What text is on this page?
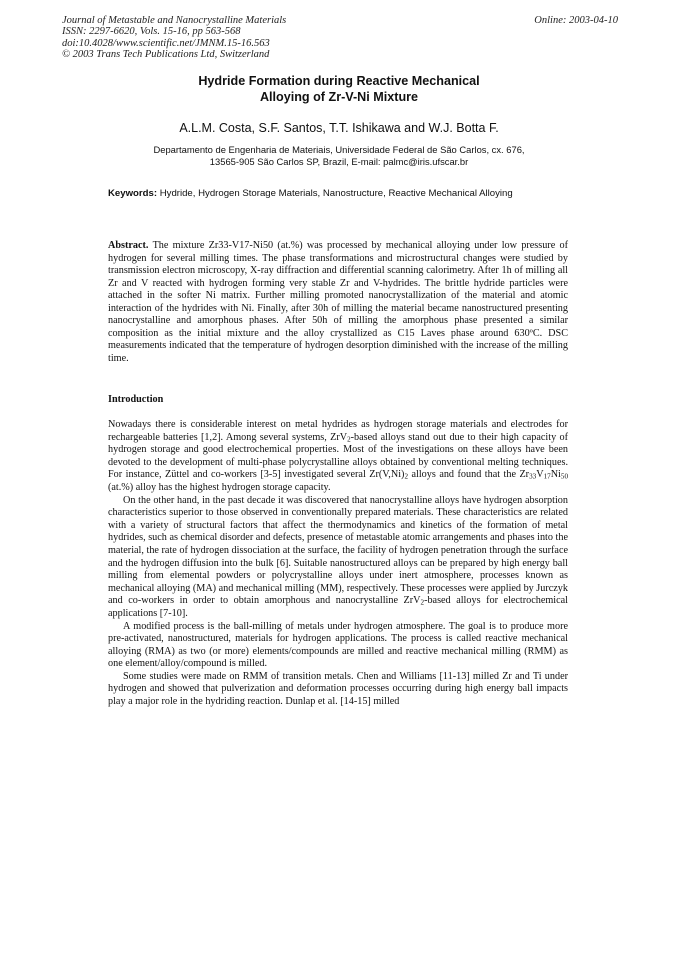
Journal of Metastable and Nanocrystalline Materials
ISSN: 2297-6620, Vols. 15-16, pp 563-568
doi:10.4028/www.scientific.net/JMNM.15-16.563
© 2003 Trans Tech Publications Ltd, Switzerland
Online: 2003-04-10
Hydride Formation during Reactive Mechanical
Alloying of Zr-V-Ni Mixture
A.L.M. Costa, S.F. Santos, T.T. Ishikawa and W.J. Botta F.
Departamento de Engenharia de Materiais, Universidade Federal de São Carlos, cx. 676,
13565-905 São Carlos SP, Brazil, E-mail: palmc@iris.ufscar.br
Keywords: Hydride, Hydrogen Storage Materials, Nanostructure, Reactive Mechanical Alloying
Abstract. The mixture Zr33-V17-Ni50 (at.%) was processed by mechanical alloying under low pressure of hydrogen for several milling times. The phase transformations and microstructural changes were studied by transmission electron microscopy, X-ray diffraction and differential scanning calorimetry. After 1h of milling all Zr and V reacted with hydrogen forming very stable Zr and V-hydrides. The brittle hydride particles were attached in the softer Ni matrix. Further milling promoted nanocrystallization of the material and atomic interaction of the hydrides with Ni. Finally, after 30h of milling the material became nanostructured presenting nanocrystalline and amorphous phases. After 50h of milling the amorphous phase presented a similar composition as the initial mixture and the alloy crystallized as C15 Laves phase around 630ºC. DSC measurements indicated that the temperature of hydrogen desorption diminished with the increase of the milling time.
Introduction

Nowadays there is considerable interest on metal hydrides as hydrogen storage materials and electrodes for rechargeable batteries [1,2]. Among several systems, ZrV$_2$-based alloys stand out due to their high capacity of hydrogen storage and good electrochemical properties. Most of the investigations on these alloys have been devoted to the development of multi-phase polycrystalline alloys obtained by conventional melting techniques. For instance, Züttel and co-workers [3-5] investigated several $Zr(V,Ni)_2$ alloys and found that the $Zr_{33}V_{17}Ni_{50}$ (at.%) alloy has the highest hydrogen storage capacity.

On the other hand, in the past decade it was discovered that nanocrystalline alloys have hydrogen absorption characteristics superior to those observed in conventionally prepared materials. These characteristics are related with a variety of structural factors that affect the thermodynamics and kinetics of the formation of metal hydrides, such as chemical disorder and defects, presence of metastable atomic arrangements and phases into the material, the rate of hydrogen dissociation at the surface, the facility of hydrogen penetration through the surface and the hydrogen diffusion into the bulk [6]. Suitable nanostructured alloys can be prepared by high energy ball milling from elemental powders or polycrystalline alloys under inert atmosphere, processes known as mechanical alloying (MA) and mechanical milling (MM), respectively. These processes were applied by Jurczyk and co-workers in order to obtain amorphous and nanocrystalline ZrV$_2$-based alloys for electrochemical applications [7-10].

A modified process is the ball-milling of metals under hydrogen atmosphere. The goal is to produce more pre-activated, nanostructured, materials for hydrogen applications. The process is called reactive mechanical alloying (RMA) as two (or more) elements/compounds are milled and reactive mechanical milling (RMM) as one element/alloy/compound is milled.

Some studies were made on RMM of transition metals. Chen and Williams [11-13] milled Zr and Ti under hydrogen and showed that pulverization and deformation processes occurring during high energy ball impacts play a major role in the hydriding reaction. Dunlap et al. [14-15] milled
